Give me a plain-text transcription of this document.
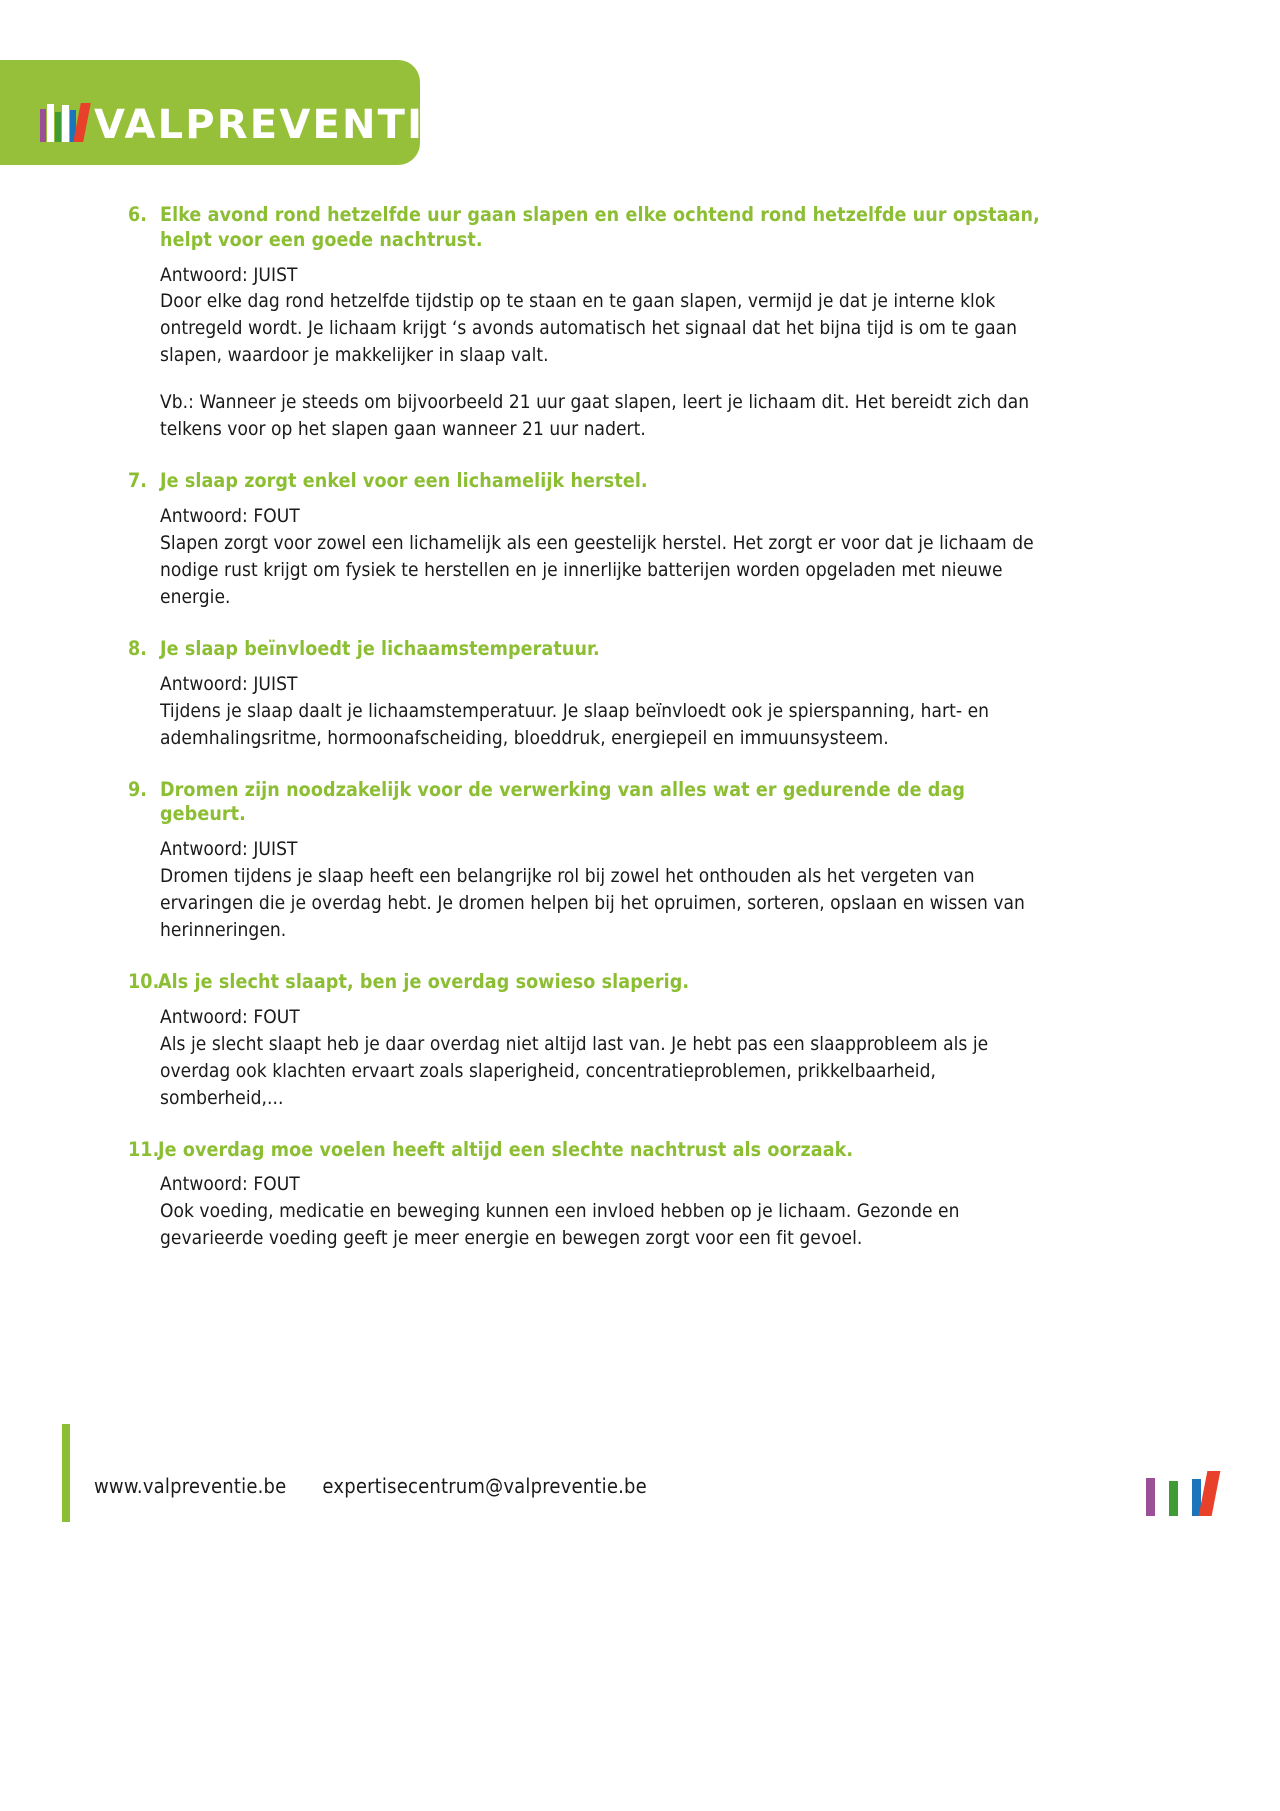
VALPREVENTIE.be Week van de Valpreventie
6. Elke avond rond hetzelfde uur gaan slapen en elke ochtend rond hetzelfde uur opstaan, helpt voor een goede nachtrust.

Antwoord: JUIST

Door elke dag rond hetzelfde tijdstip op te staan en te gaan slapen, vermijd je dat je interne klok ontregeld wordt. Je lichaam krijgt ‘s avonds automatisch het signaal dat het bijna tijd is om te gaan slapen, waardoor je makkelijker in slaap valt.

Vb.: Wanneer je steeds om bijvoorbeeld 21 uur gaat slapen, leert je lichaam dit. Het bereidt zich dan telkens voor op het slapen gaan wanneer 21 uur nadert.

7. Je slaap zorgt enkel voor een lichamelijk herstel.

Antwoord: FOUT

Slapen zorgt voor zowel een lichamelijk als een geestelijk herstel. Het zorgt er voor dat je lichaam de nodige rust krijgt om fysiek te herstellen en je innerlijke batterijen worden opgeladen met nieuwe energie.

8. Je slaap beïnvloedt je lichaamstemperatuur.

Antwoord: JUIST

Tijdens je slaap daalt je lichaamstemperatuur. Je slaap beïnvloedt ook je spierspanning, hart- en ademhalingsritme, hormoonafscheiding, bloeddruk, energiepeil en immuunsysteem.

9. Dromen zijn noodzakelijk voor de verwerking van alles wat er gedurende de dag gebeurt.

Antwoord: JUIST

Dromen tijdens je slaap heeft een belangrijke rol bij zowel het onthouden als het vergeten van ervaringen die je overdag hebt. Je dromen helpen bij het opruimen, sorteren, opslaan en wissen van herinneringen.

10.
Als je slecht slaapt, ben je overdag sowieso slaperig.

Antwoord: FOUT

Als je slecht slaapt heb je daar overdag niet altijd last van. Je hebt pas een slaapprobleem als je overdag ook klachten ervaart zoals slaperigheid, concentratieproblemen, prikkelbaarheid, somberheid,...

11.
Je overdag moe voelen heeft altijd een slechte nachtrust als oorzaak.

Antwoord: FOUT

Ook voeding, medicatie en beweging kunnen een invloed hebben op je lichaam. Gezonde en gevarieerde voeding geeft je meer energie en bewegen zorgt voor een fit gevoel.

www.valpreventie.be expertisecentrum@valpreventie.be
